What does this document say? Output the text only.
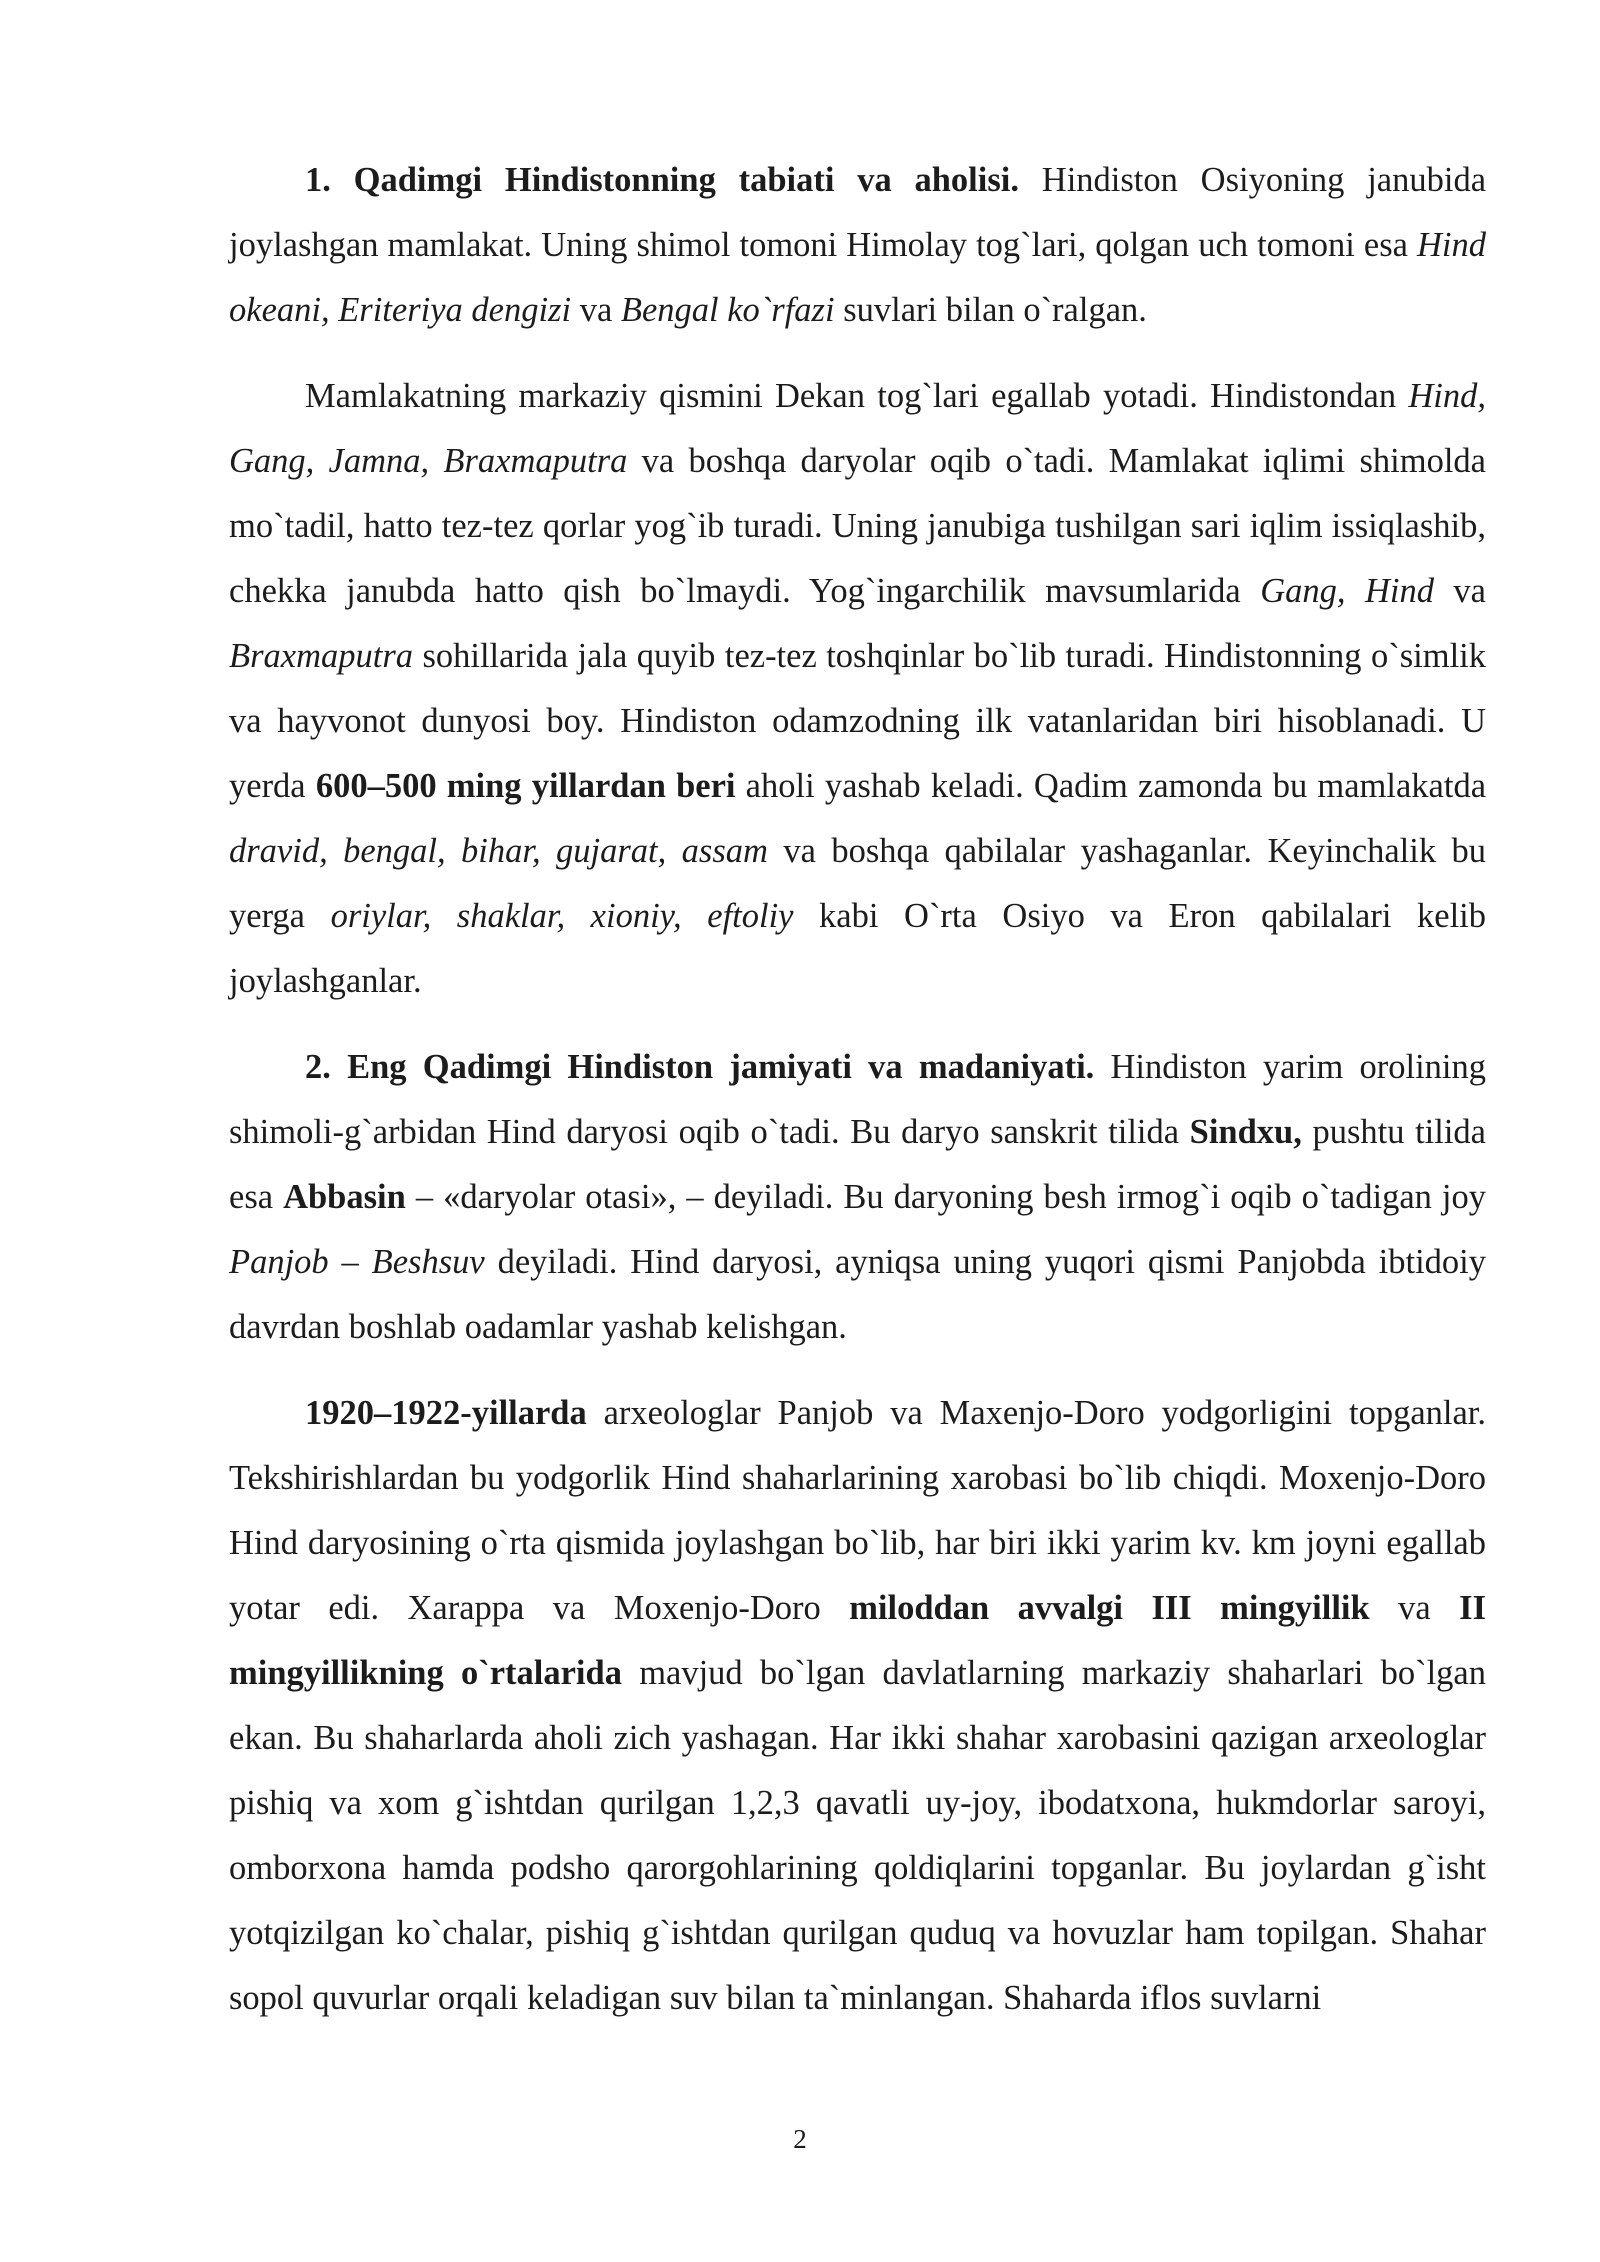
1. Qadimgi Hindistonning tabiati va aholisi. Hindiston Osiyoning janubida joylashgan mamlakat. Uning shimol tomoni Himolay tog`lari, qolgan uch tomoni esa Hind okeani, Eriteriya dengizi va Bengal ko`rfazi suvlari bilan o`ralgan.

Mamlakatning markaziy qismini Dekan tog`lari egallab yotadi. Hindistondan Hind, Gang, Jamna, Braxmaputra va boshqa daryolar oqib o`tadi. Mamlakat iqlimi shimolda mo`tadil, hatto tez-tez qorlar yog`ib turadi. Uning janubiga tushilgan sari iqlim issiqlashib, chekka janubda hatto qish bo`lmaydi. Yog`ingarchilik mavsumlarida Gang, Hind va Braxmaputra sohillarida jala quyib tez-tez toshqinlar bo`lib turadi. Hindistonning o`simlik va hayvonot dunyosi boy. Hindiston odamzodning ilk vatanlaridan biri hisoblanadi. U yerda 600–500 ming yillardan beri aholi yashab keladi. Qadim zamonda bu mamlakatda dravid, bengal, bihar, gujarat, assam va boshqa qabilalar yashaganlar. Keyinchalik bu yerga oriylar, shaklar, xioniy, eftoliy kabi O`rta Osiyo va Eron qabilalari kelib joylashganlar.

2. Eng Qadimgi Hindiston jamiyati va madaniyati. Hindiston yarim orolining shimoli-g`arbidan Hind daryosi oqib o`tadi. Bu daryo sanskrit tilida Sindxu, pushtu tilida esa Abbasin – «daryolar otasi», – deyiladi. Bu daryoning besh irmog`i oqib o`tadigan joy Panjob – Beshsuv deyiladi. Hind daryosi, ayniqsa uning yuqori qismi Panjobda ibtidoiy davrdan boshlab oadamlar yashab kelishgan.

1920–1922-yillarda arxeologlar Panjob va Maxenjo-Doro yodgorligini topganlar. Tekshirishlardan bu yodgorlik Hind shaharlarining xarobasi bo`lib chiqdi. Moxenjo-Doro Hind daryosining o`rta qismida joylashgan bo`lib, har biri ikki yarim kv. km joyni egallab yotar edi. Xarappa va Moxenjo-Doro miloddan avvalgi III mingyillik va II mingyillikning o`rtalarida mavjud bo`lgan davlatlarning markaziy shaharlari bo`lgan ekan. Bu shaharlarda aholi zich yashagan. Har ikki shahar xarobasini qazigan arxeologlar pishiq va xom g`ishtdan qurilgan 1,2,3 qavatli uy-joy, ibodatxona, hukmdorlar saroyi, omborxona hamda podsho qarorgohlarining qoldiqlarini topganlar. Bu joylardan g`isht yotqizilgan ko`chalar, pishiq g`ishtdan qurilgan quduq va hovuzlar ham topilgan. Shahar sopol quvurlar orqali keladigan suv bilan ta`minlangan. Shaharda iflos suvlarni

2
